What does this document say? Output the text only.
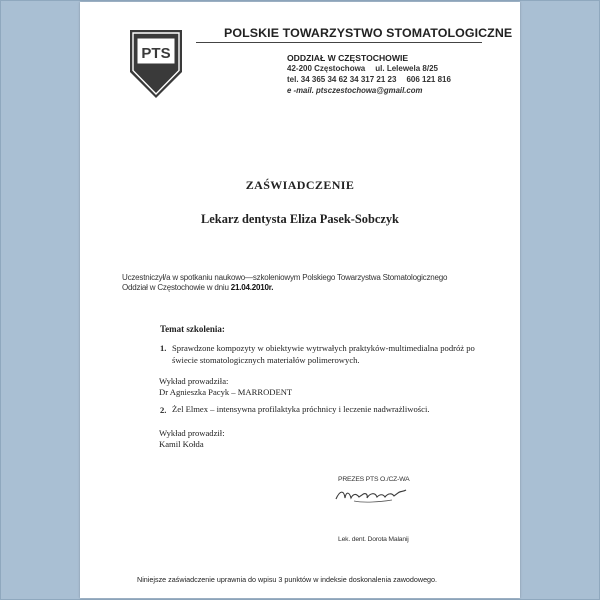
PTS
POLSKIE TOWARZYSTWO STOMATOLOGICZNE
ODDZIAŁ W CZĘSTOCHOWIE
42-200 Częstochowa ul. Lelewela 8/25
tel. 34 365 34 62 34 317 21 23 606 121 816
e -mail. ptsczestochowa@gmail.com
ZAŚWIADCZENIE
Lekarz dentysta Eliza Pasek-Sobczyk
Uczestniczył/a w spotkaniu naukowo—szkoleniowym Polskiego Towarzystwa Stomatologicznego
Oddział w Częstochowie w dniu 21.04.2010r.
Temat szkolenia:
1. Sprawdzone kompozyty w obiektywie wytrwałych praktyków-multimedialna podróż po świecie stomatologicznych materiałów polimerowych.
Wykład prowadziła:
Dr Agnieszka Pacyk – MARRODENT
2. Żel Elmex – intensywna profilaktyka próchnicy i leczenie nadwrażliwości.
Wykład prowadził:
Kamil Kołda
PREZES PTS O./CZ-WA
Lek. dent. Dorota Malanij
Niniejsze zaświadczenie uprawnia do wpisu 3 punktów w indeksie doskonalenia zawodowego.
